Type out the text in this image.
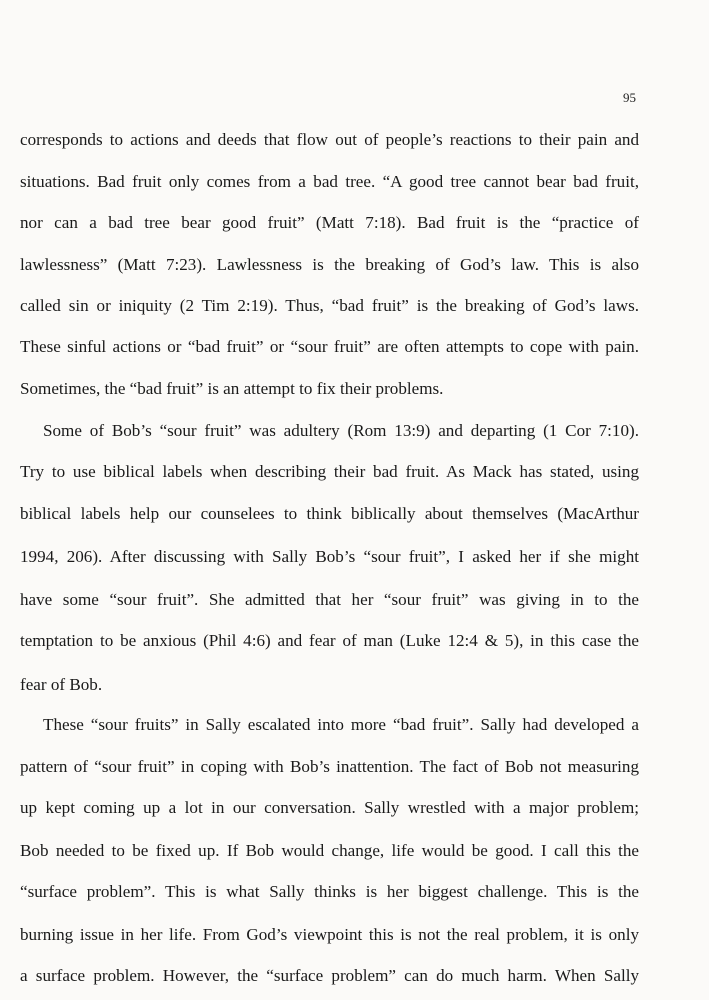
95
corresponds to actions and deeds that flow out of people’s reactions to their pain and
situations. Bad fruit only comes from a bad tree. “A good tree cannot bear bad fruit,
nor can a bad tree bear good fruit” (Matt 7:18). Bad fruit is the “practice of
lawlessness” (Matt 7:23). Lawlessness is the breaking of God’s law. This is also
called sin or iniquity (2 Tim 2:19). Thus, “bad fruit” is the breaking of God’s laws.
These sinful actions or “bad fruit” or “sour fruit” are often attempts to cope with pain.
Sometimes, the “bad fruit” is an attempt to fix their problems.
Some of Bob’s “sour fruit” was adultery (Rom 13:9) and departing (1 Cor 7:10).
Try to use biblical labels when describing their bad fruit. As Mack has stated, using
biblical labels help our counselees to think biblically about themselves (MacArthur
1994, 206). After discussing with Sally Bob’s “sour fruit”, I asked her if she might
have some “sour fruit”. She admitted that her “sour fruit” was giving in to the
temptation to be anxious (Phil 4:6) and fear of man (Luke 12:4 & 5), in this case the
fear of Bob.
These “sour fruits” in Sally escalated into more “bad fruit”. Sally had developed a
pattern of “sour fruit” in coping with Bob’s inattention. The fact of Bob not measuring
up kept coming up a lot in our conversation. Sally wrestled with a major problem;
Bob needed to be fixed up. If Bob would change, life would be good. I call this the
“surface problem”. This is what Sally thinks is her biggest challenge. This is the
burning issue in her life. From God’s viewpoint this is not the real problem, it is only
a surface problem. However, the “surface problem” can do much harm. When Sally
